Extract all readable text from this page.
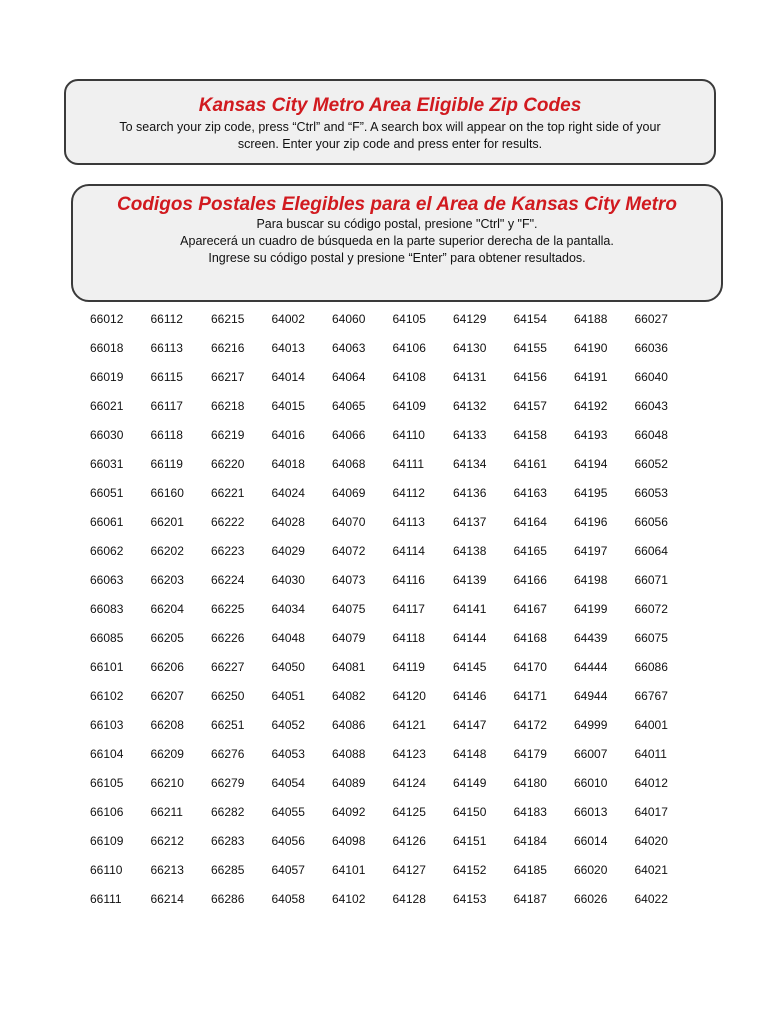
Kansas City Metro Area Eligible Zip Codes
To search your zip code, press “Ctrl” and “F”. A search box will appear on the top right side of your
screen. Enter your zip code and press enter for results.
Codigos Postales Elegibles para el Area de Kansas City Metro
Para buscar su código postal, presione "Ctrl" y "F".
Aparecerá un cuadro de búsqueda en la parte superior derecha de la pantalla.
Ingrese su código postal y presione “Enter” para obtener resultados.
66012	66112	66215	64002	64060	64105	64129	64154	64188	66027
66018	66113	66216	64013	64063	64106	64130	64155	64190	66036
66019	66115	66217	64014	64064	64108	64131	64156	64191	66040
66021	66117	66218	64015	64065	64109	64132	64157	64192	66043
66030	66118	66219	64016	64066	64110	64133	64158	64193	66048
66031	66119	66220	64018	64068	64111	64134	64161	64194	66052
66051	66160	66221	64024	64069	64112	64136	64163	64195	66053
66061	66201	66222	64028	64070	64113	64137	64164	64196	66056
66062	66202	66223	64029	64072	64114	64138	64165	64197	66064
66063	66203	66224	64030	64073	64116	64139	64166	64198	66071
66083	66204	66225	64034	64075	64117	64141	64167	64199	66072
66085	66205	66226	64048	64079	64118	64144	64168	64439	66075
66101	66206	66227	64050	64081	64119	64145	64170	64444	66086
66102	66207	66250	64051	64082	64120	64146	64171	64944	66767
66103	66208	66251	64052	64086	64121	64147	64172	64999	64001
66104	66209	66276	64053	64088	64123	64148	64179	66007	64011
66105	66210	66279	64054	64089	64124	64149	64180	66010	64012
66106	66211	66282	64055	64092	64125	64150	64183	66013	64017
66109	66212	66283	64056	64098	64126	64151	64184	66014	64020
66110	66213	66285	64057	64101	64127	64152	64185	66020	64021
66111	66214	66286	64058	64102	64128	64153	64187	66026	64022
